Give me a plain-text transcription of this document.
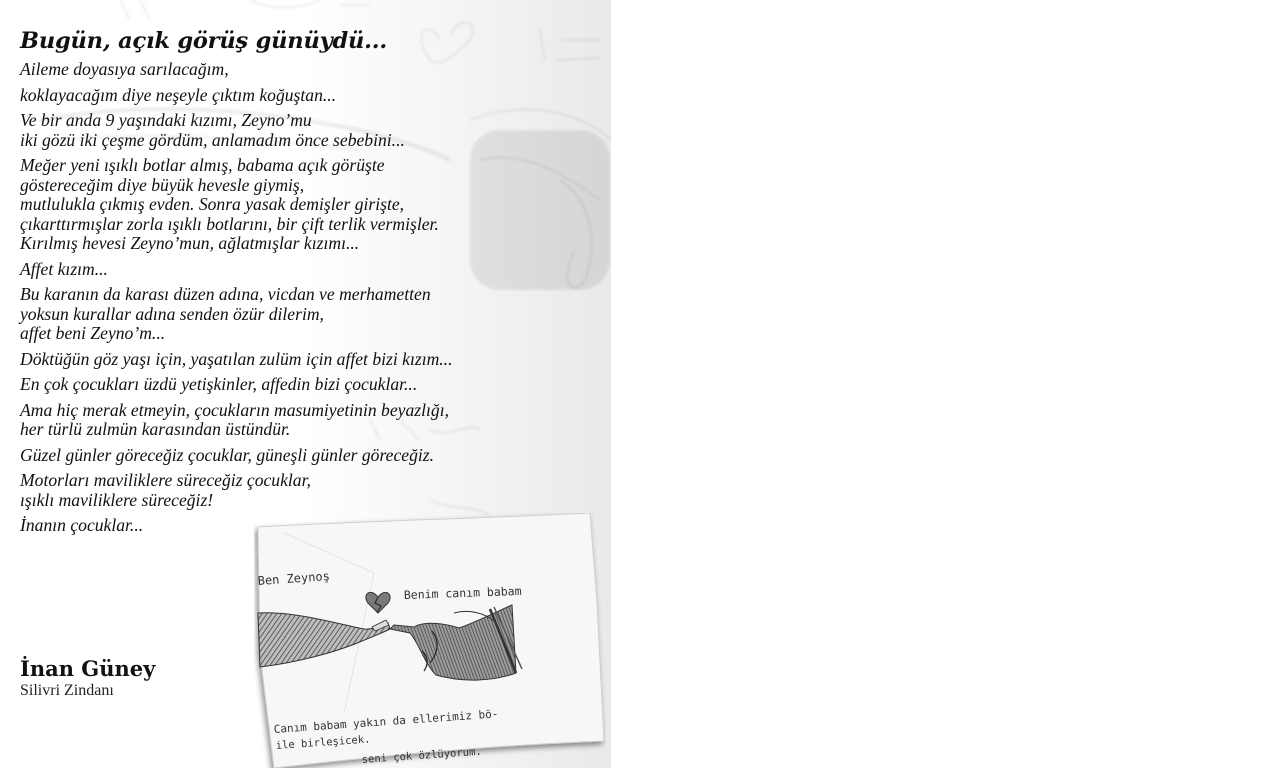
Bugün, açık görüş günüydü...
Aileme doyasıya sarılacağım,
koklayacağım diye neşeyle çıktım koğuştan...
Ve bir anda 9 yaşındaki kızımı, Zeyno’mu
iki gözü iki çeşme gördüm, anlamadım önce sebebini...
Meğer yeni ışıklı botlar almış, babama açık görüşte
göstereceğim diye büyük hevesle giymiş,
mutlulukla çıkmış evden. Sonra yasak demişler girişte,
çıkarttırmışlar zorla ışıklı botlarını, bir çift terlik vermişler.
Kırılmış hevesi Zeyno’mun, ağlatmışlar kızımı...
Affet kızım...
Bu karanın da karası düzen adına, vicdan ve merhametten
yoksun kurallar adına senden özür dilerim,
affet beni Zeyno’m...
Döktüğün göz yaşı için, yaşatılan zulüm için affet bizi kızım...
En çok çocukları üzdü yetişkinler, affedin bizi çocuklar...
Ama hiç merak etmeyin, çocukların masumiyetinin beyazlığı,
her türlü zulmün karasından üstündür.
Güzel günler göreceğiz çocuklar, güneşli günler göreceğiz.
Motorları maviliklere süreceğiz çocuklar,
ışıklı maviliklere süreceğiz!
İnanın çocuklar...
İnan Güney
Silivri Zindanı
Ben Zeynoş
Benim canım babam
Canım babam yakın da ellerimiz bö-
ile birleşicek.
seni çok özlüyorum.
